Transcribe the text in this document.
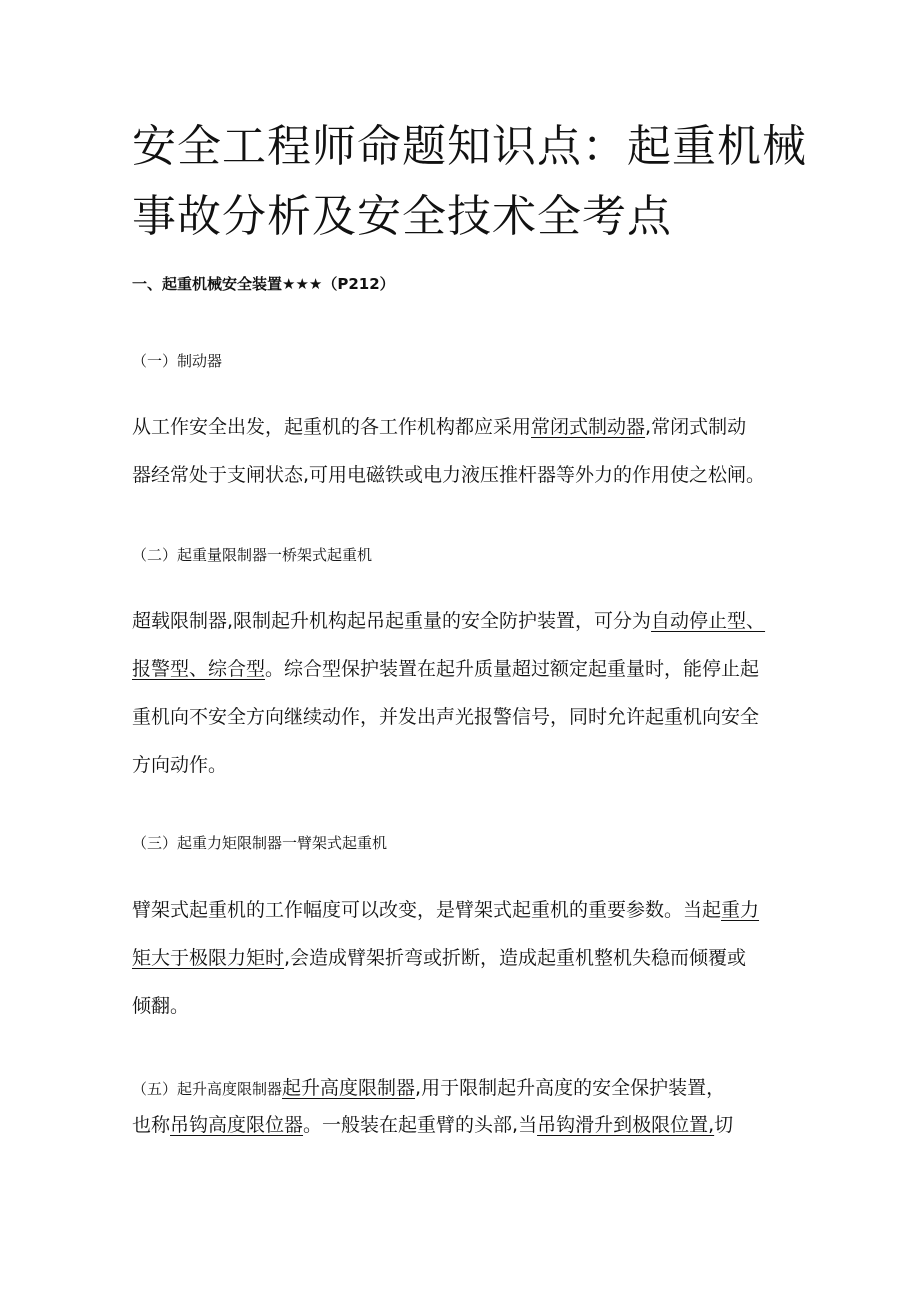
安全工程师命题知识点：起重机械
事故分析及安全技术全考点
一、起重机械安全装置★★★（P212）
（一）制动器
从工作安全出发，起重机的各工作机构都应采用常闭式制动器,常闭式制动
器经常处于支闸状态,可用电磁铁或电力液压推杆器等外力的作用使之松闸。
（二）起重量限制器一桥架式起重机
超载限制器,限制起升机构起吊起重量的安全防护装置，可分为自动停止型、
报警型、综合型。综合型保护装置在起升质量超过额定起重量时，能停止起
重机向不安全方向继续动作，并发出声光报警信号，同时允许起重机向安全
方向动作。
（三）起重力矩限制器一臂架式起重机
臂架式起重机的工作幅度可以改变，是臂架式起重机的重要参数。当起重力
矩大于极限力矩时,会造成臂架折弯或折断，造成起重机整机失稳而倾覆或
倾翻。
（五）起升高度限制器起升高度限制器,用于限制起升高度的安全保护装置，
也称吊钩高度限位器。一般装在起重臂的头部,当吊钩滑升到极限位置,切
